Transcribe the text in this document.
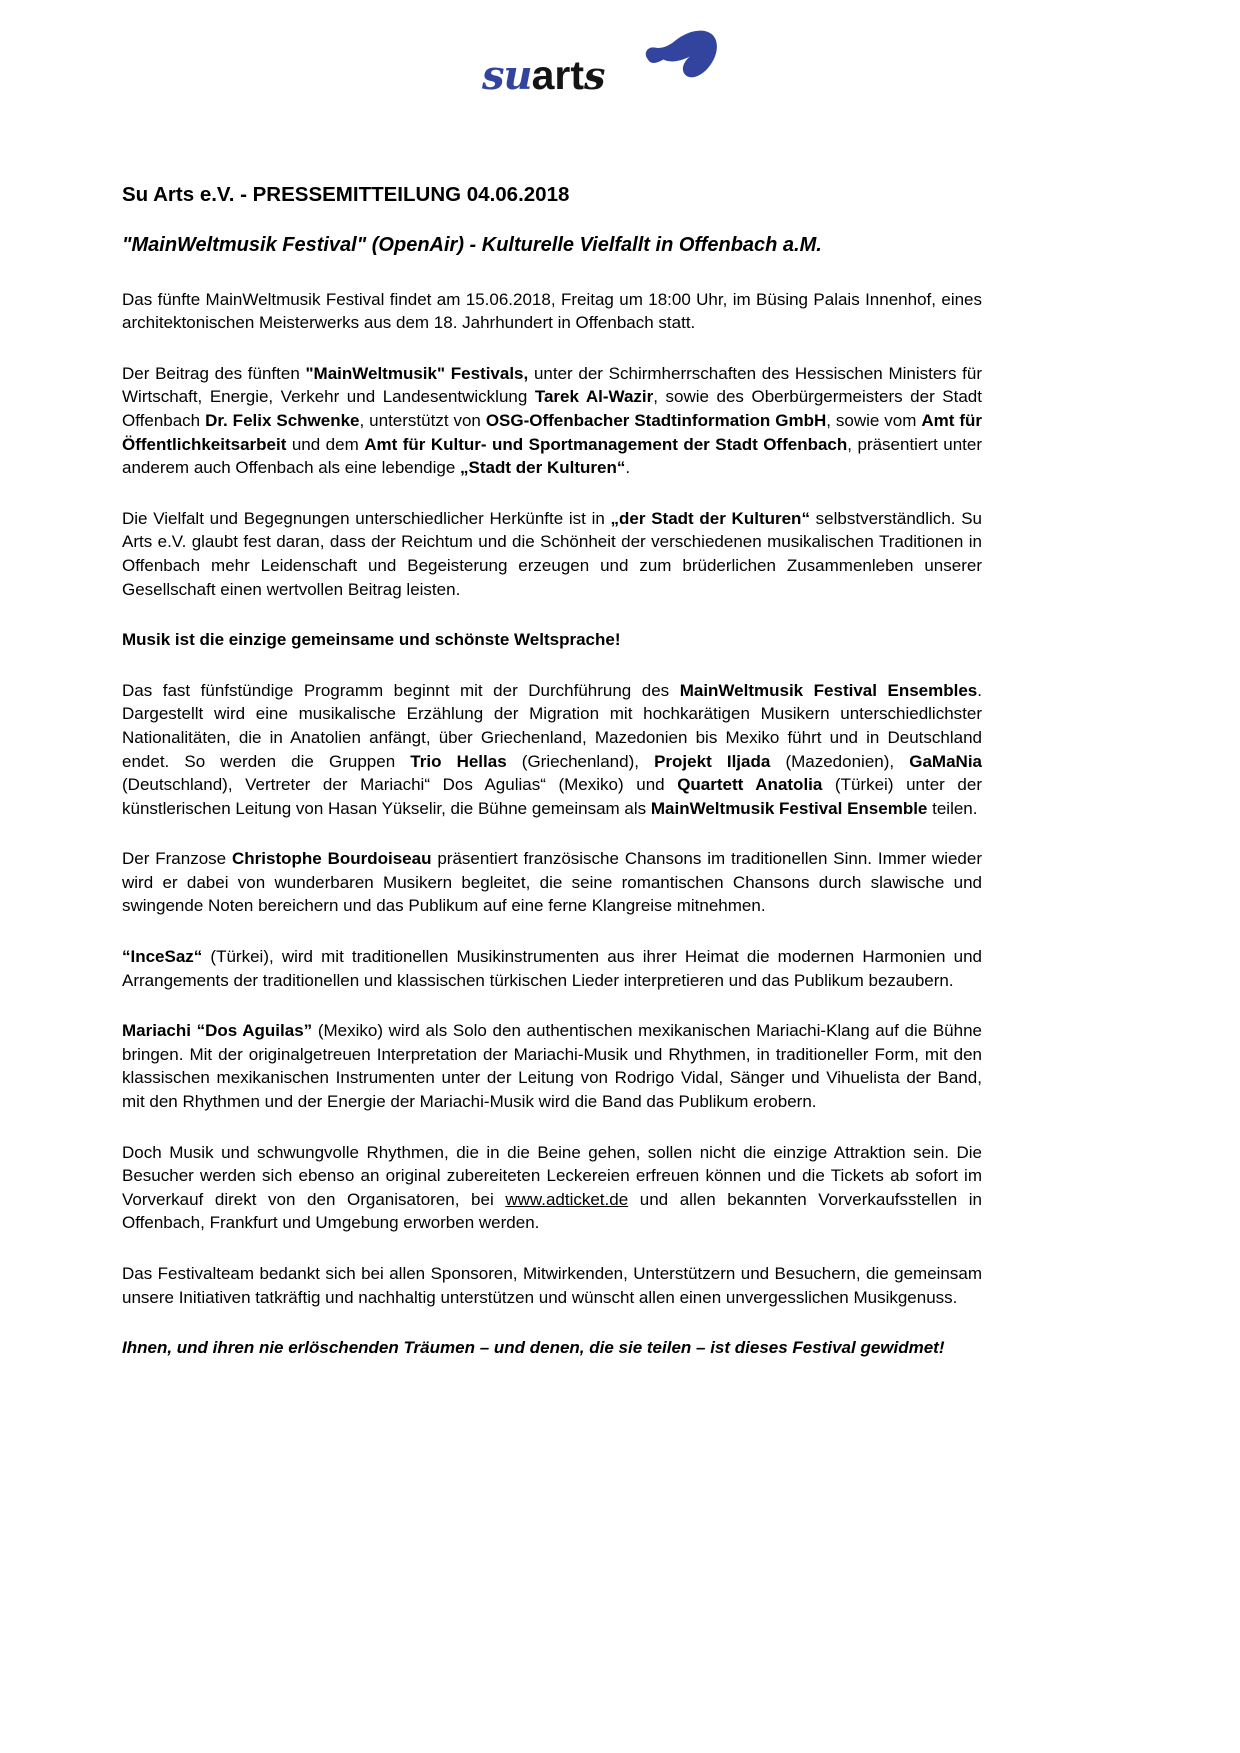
suarts
Su Arts e.V. - PRESSEMITTEILUNG 04.06.2018
"MainWeltmusik Festival" (OpenAir) - Kulturelle Vielfallt in Offenbach a.M.

Das fünfte MainWeltmusik Festival findet am 15.06.2018, Freitag um 18:00 Uhr, im Büsing Palais Innenhof, eines architektonischen Meisterwerks aus dem 18. Jahrhundert in Offenbach statt.

Der Beitrag des fünften "MainWeltmusik" Festivals, unter der Schirmherrschaften des Hessischen Ministers für Wirtschaft, Energie, Verkehr und Landesentwicklung Tarek Al-Wazir, sowie des Oberbürgermeisters der Stadt Offenbach Dr. Felix Schwenke, unterstützt von OSG-Offenbacher Stadtinformation GmbH, sowie vom Amt für Öffentlichkeitsarbeit und dem Amt für Kultur- und Sportmanagement der Stadt Offenbach, präsentiert unter anderem auch Offenbach als eine lebendige „Stadt der Kulturen“.

Die Vielfalt und Begegnungen unterschiedlicher Herkünfte ist in „der Stadt der Kulturen“ selbstverständlich. Su Arts e.V. glaubt fest daran, dass der Reichtum und die Schönheit der verschiedenen musikalischen Traditionen in Offenbach mehr Leidenschaft und Begeisterung erzeugen und zum brüderlichen Zusammenleben unserer Gesellschaft einen wertvollen Beitrag leisten.

Musik ist die einzige gemeinsame und schönste Weltsprache!

Das fast fünfstündige Programm beginnt mit der Durchführung des MainWeltmusik Festival Ensembles. Dargestellt wird eine musikalische Erzählung der Migration mit hochkarätigen Musikern unterschiedlichster Nationalitäten, die in Anatolien anfängt, über Griechenland, Mazedonien bis Mexiko führt und in Deutschland endet. So werden die Gruppen Trio Hellas (Griechenland), Projekt Iljada (Mazedonien), GaMaNia (Deutschland), Vertreter der Mariachi“ Dos Agulias“ (Mexiko) und Quartett Anatolia (Türkei) unter der künstlerischen Leitung von Hasan Yükselir, die Bühne gemeinsam als MainWeltmusik Festival Ensemble teilen.

Der Franzose Christophe Bourdoiseau präsentiert französische Chansons im traditionellen Sinn. Immer wieder wird er dabei von wunderbaren Musikern begleitet, die seine romantischen Chansons durch slawische und swingende Noten bereichern und das Publikum auf eine ferne Klangreise mitnehmen.

“InceSaz“ (Türkei), wird mit traditionellen Musikinstrumenten aus ihrer Heimat die modernen Harmonien und Arrangements der traditionellen und klassischen türkischen Lieder interpretieren und das Publikum bezaubern.

Mariachi “Dos Aguilas” (Mexiko) wird als Solo den authentischen mexikanischen Mariachi-Klang auf die Bühne bringen. Mit der originalgetreuen Interpretation der Mariachi-Musik und Rhythmen, in traditioneller Form, mit den klassischen mexikanischen Instrumenten unter der Leitung von Rodrigo Vidal, Sänger und Vihuelista der Band, mit den Rhythmen und der Energie der Mariachi-Musik wird die Band das Publikum erobern.

Doch Musik und schwungvolle Rhythmen, die in die Beine gehen, sollen nicht die einzige Attraktion sein. Die Besucher werden sich ebenso an original zubereiteten Leckereien erfreuen können und die Tickets ab sofort im Vorverkauf direkt von den Organisatoren, bei www.adticket.de und allen bekannten Vorverkaufsstellen in Offenbach, Frankfurt und Umgebung erworben werden.

Das Festivalteam bedankt sich bei allen Sponsoren, Mitwirkenden, Unterstützern und Besuchern, die gemeinsam unsere Initiativen tatkräftig und nachhaltig unterstützen und wünscht allen einen unvergesslichen Musikgenuss.

Ihnen, und ihren nie erlöschenden Träumen – und denen, die sie teilen – ist dieses Festival gewidmet!
